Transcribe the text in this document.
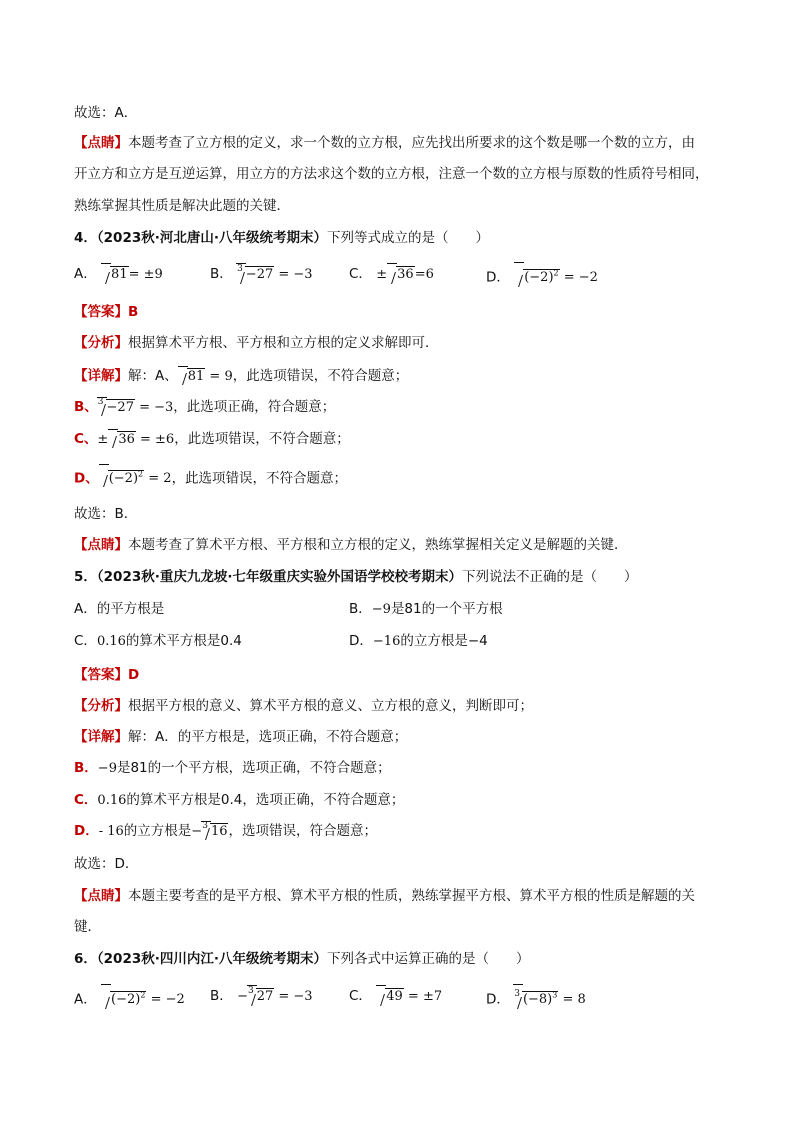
故选：A．
【点睛】本题考查了立方根的定义，求一个数的立方根，应先找出所要求的这个数是哪一个数的立方，由
开立方和立方是互逆运算，用立方的方法求这个数的立方根，注意一个数的立方根与原数的性质符号相同，
熟练掌握其性质是解决此题的关键．
4．（2023秋·河北唐山·八年级统考期末）下列等式成立的是（　　）
A． 81= ±9	B． $^3$ −27 = −3	C． ± 36=6	D． $(-2)^2 = -2$
【答案】B
【分析】根据算术平方根、平方根和立方根的定义求解即可．
【详解】解：A、 81 = 9，此选项错误，不符合题意；
B、$^3$ −27 = −3，此选项正确，符合题意；
C、± 36 = ±6，此选项错误，不符合题意；
D、 $(-2)^2 = 2$，此选项错误，不符合题意；
故选：B．
【点睛】本题考查了算术平方根、平方根和立方根的定义，熟练掌握相关定义是解题的关键．
5．（2023秋·重庆九龙坡·七年级重庆实验外国语学校校考期末）下列说法不正确的是（　　）
A．的平方根是	B．−9是81的一个平方根
C．0.16的算术平方根是0.4	D．−16的立方根是−4
【答案】D
【分析】根据平方根的意义、算术平方根的意义、立方根的意义，判断即可；
【详解】解：A．的平方根是，选项正确，不符合题意；
B．−9是81的一个平方根，选项正确，不符合题意；
C．0.16的算术平方根是0.4，选项正确，不符合题意；
D．- 16的立方根是−$^3$ 16，选项错误，符合题意；
故选：D．
【点睛】本题主要考查的是平方根、算术平方根的性质，熟练掌握平方根、算术平方根的性质是解题的关
键．
6．（2023秋·四川内江·八年级统考期末）下列各式中运算正确的是（　　）
A． $(-2)^2 = -2$ B． −$^3$ 27 = −3	C． 49 = ±7	D． $^3$ $(-8)^3 = 8$
